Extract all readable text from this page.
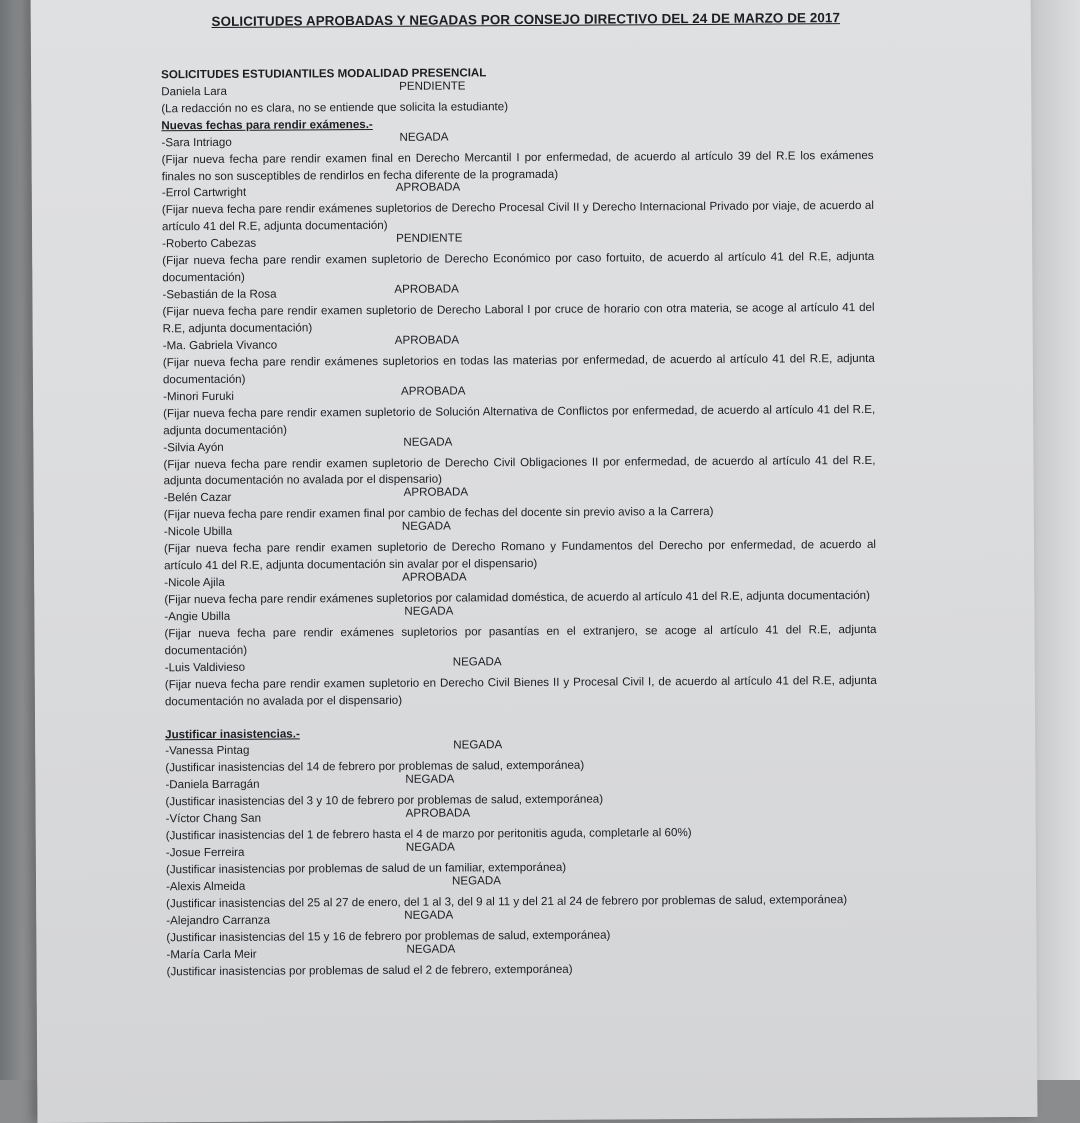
SOLICITUDES APROBADAS Y NEGADAS POR CONSEJO DIRECTIVO DEL 24 DE MARZO DE 2017
SOLICITUDES ESTUDIANTILES MODALIDAD PRESENCIAL
Daniela Lara	PENDIENTE
(La redacción no es clara, no se entiende que solicita la estudiante)
Nuevas fechas para rendir exámenes.-
-Sara Intriago	NEGADA
(Fijar nueva fecha pare rendir examen final en Derecho Mercantil I por enfermedad, de acuerdo al artículo 39 del R.E los exámenes finales no son susceptibles de rendirlos en fecha diferente de la programada)
-Errol Cartwright	APROBADA
(Fijar nueva fecha pare rendir exámenes supletorios de Derecho Procesal Civil II y Derecho Internacional Privado por viaje, de acuerdo al artículo 41 del R.E, adjunta documentación)
-Roberto Cabezas	PENDIENTE
(Fijar nueva fecha pare rendir examen supletorio de Derecho Económico por caso fortuito, de acuerdo al artículo 41 del R.E, adjunta documentación)
-Sebastián de la Rosa	APROBADA
(Fijar nueva fecha pare rendir examen supletorio de Derecho Laboral I por cruce de horario con otra materia, se acoge al artículo 41 del R.E, adjunta documentación)
-Ma. Gabriela Vivanco	APROBADA
(Fijar nueva fecha pare rendir exámenes supletorios en todas las materias por enfermedad, de acuerdo al artículo 41 del R.E, adjunta documentación)
-Minori Furuki	APROBADA
(Fijar nueva fecha pare rendir examen supletorio de Solución Alternativa de Conflictos por enfermedad, de acuerdo al artículo 41 del R.E, adjunta documentación)
-Silvia Ayón	NEGADA
(Fijar nueva fecha pare rendir examen supletorio de Derecho Civil Obligaciones II por enfermedad, de acuerdo al artículo 41 del R.E, adjunta documentación no avalada por el dispensario)
-Belén Cazar	APROBADA
(Fijar nueva fecha pare rendir examen final por cambio de fechas del docente sin previo aviso a la Carrera)
-Nicole Ubilla	NEGADA
(Fijar nueva fecha pare rendir examen supletorio de Derecho Romano y Fundamentos del Derecho por enfermedad, de acuerdo al artículo 41 del R.E, adjunta documentación sin avalar por el dispensario)
-Nicole Ajila	APROBADA
(Fijar nueva fecha pare rendir exámenes supletorios por calamidad doméstica, de acuerdo al artículo 41 del R.E, adjunta documentación)
-Angie Ubilla	NEGADA
(Fijar nueva fecha pare rendir exámenes supletorios por pasantías en el extranjero, se acoge al artículo 41 del R.E, adjunta documentación)
-Luis Valdivieso	NEGADA
(Fijar nueva fecha pare rendir examen supletorio en Derecho Civil Bienes II y Procesal Civil I, de acuerdo al artículo 41 del R.E, adjunta documentación no avalada por el dispensario)
Justificar inasistencias.-
-Vanessa Pintag	NEGADA
(Justificar inasistencias del 14 de febrero por problemas de salud, extemporánea)
-Daniela Barragán	NEGADA
(Justificar inasistencias del 3 y 10 de febrero por problemas de salud, extemporánea)
-Víctor Chang San	APROBADA
(Justificar inasistencias del 1 de febrero hasta el 4 de marzo por peritonitis aguda, completarle al 60%)
-Josue Ferreira	NEGADA
(Justificar inasistencias por problemas de salud de un familiar, extemporánea)
-Alexis Almeida	NEGADA
(Justificar inasistencias del 25 al 27 de enero, del 1 al 3, del 9 al 11 y del 21 al 24 de febrero por problemas de salud, extemporánea)
-Alejandro Carranza	NEGADA
(Justificar inasistencias del 15 y 16 de febrero por problemas de salud, extemporánea)
-María Carla Meir	NEGADA
(Justificar inasistencias por problemas de salud el 2 de febrero, extemporánea)
